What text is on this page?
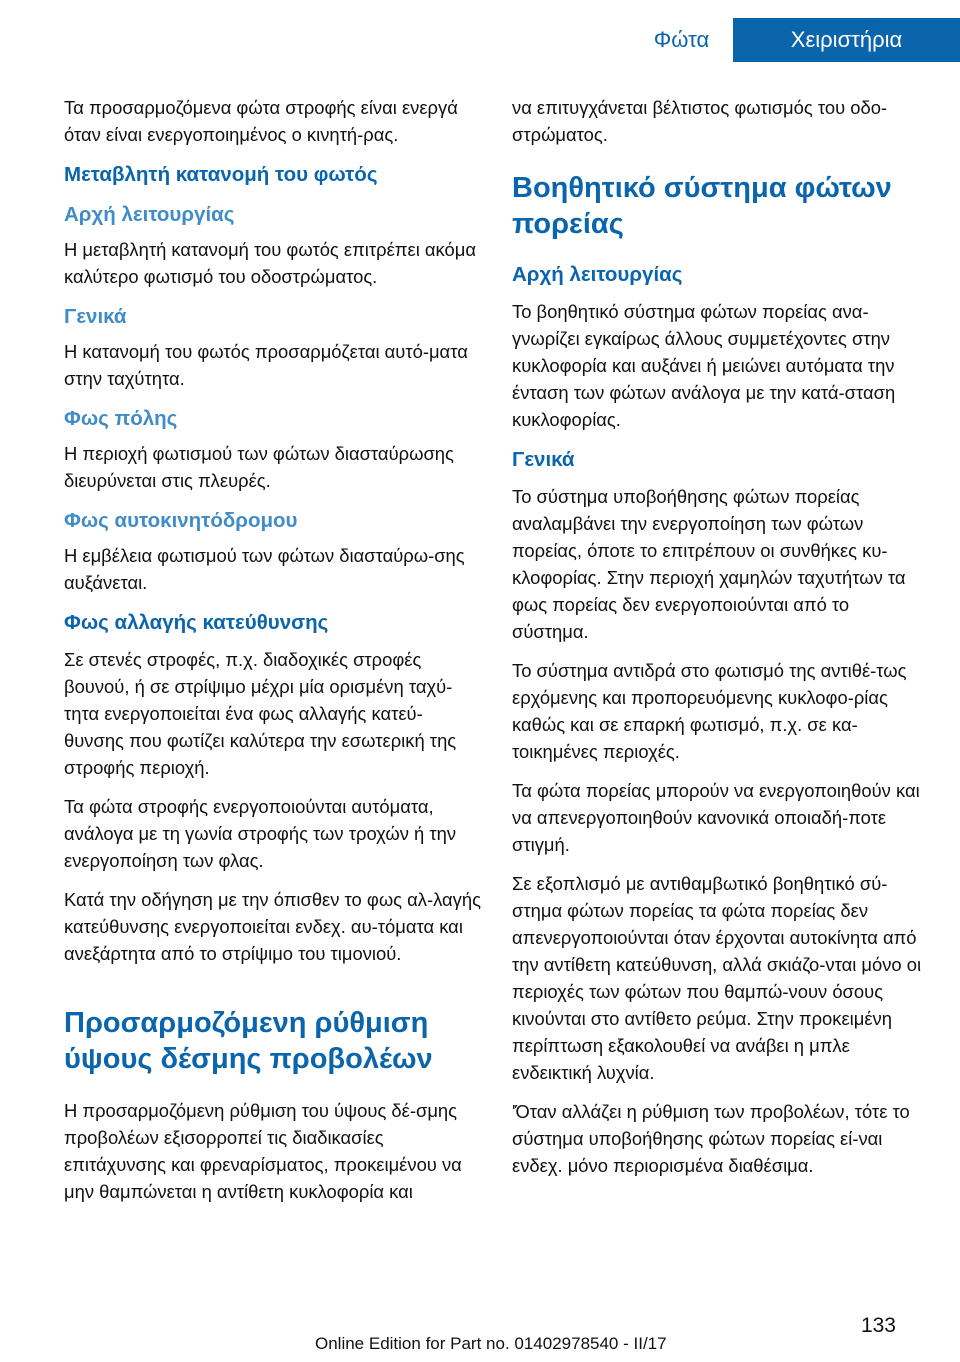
Φώτα	Χειριστήρια

Τα προσαρμοζόμενα φώτα στροφής είναι ενεργά όταν είναι ενεργοποιημένος ο κινητή-ρας.

Μεταβλητή κατανομή του φωτός
Αρχή λειτουργίας

Η μεταβλητή κατανομή του φωτός επιτρέπει ακόμα καλύτερο φωτισμό του οδοστρώματος.

Γενικά

Η κατανομή του φωτός προσαρμόζεται αυτό-ματα στην ταχύτητα.

Φως πόλης

Η περιοχή φωτισμού των φώτων διασταύρωσης διευρύνεται στις πλευρές.

Φως αυτοκινητόδρομου

Η εμβέλεια φωτισμού των φώτων διασταύρω-σης αυξάνεται.

Φως αλλαγής κατεύθυνσης

Σε στενές στροφές, π.χ. διαδοχικές στροφές βουνού, ή σε στρίψιμο μέχρι μία ορισμένη ταχύ-τητα ενεργοποιείται ένα φως αλλαγής κατεύ-θυνσης που φωτίζει καλύτερα την εσωτερική της στροφής περιοχή.

Τα φώτα στροφής ενεργοποιούνται αυτόματα, ανάλογα με τη γωνία στροφής των τροχών ή την ενεργοποίηση των φλας.

Κατά την οδήγηση με την όπισθεν το φως αλ-λαγής κατεύθυνσης ενεργοποιείται ενδεχ. αυ-τόματα και ανεξάρτητα από το στρίψιμο του τιμονιού.

Προσαρμοζόμενη ρύθμιση ύψους δέσμης προβολέων

Η προσαρμοζόμενη ρύθμιση του ύψους δέ-σμης προβολέων εξισορροπεί τις διαδικασίες επιτάχυνσης και φρεναρίσματος, προκειμένου να μην θαμπώνεται η αντίθετη κυκλοφορία και

να επιτυγχάνεται βέλτιστος φωτισμός του οδο-στρώματος.

Βοηθητικό σύστημα φώτων πορείας
Αρχή λειτουργίας

Το βοηθητικό σύστημα φώτων πορείας ανα-γνωρίζει εγκαίρως άλλους συμμετέχοντες στην κυκλοφορία και αυξάνει ή μειώνει αυτόματα την ένταση των φώτων ανάλογα με την κατά-σταση κυκλοφορίας.

Γενικά

Το σύστημα υποβοήθησης φώτων πορείας αναλαμβάνει την ενεργοποίηση των φώτων πορείας, όποτε το επιτρέπουν οι συνθήκες κυ-κλοφορίας. Στην περιοχή χαμηλών ταχυτήτων τα φως πορείας δεν ενεργοποιούνται από το σύστημα.

Το σύστημα αντιδρά στο φωτισμό της αντιθέ-τως ερχόμενης και προπορευόμενης κυκλοφο-ρίας καθώς και σε επαρκή φωτισμό, π.χ. σε κα-τοικημένες περιοχές.

Τα φώτα πορείας μπορούν να ενεργοποιηθούν και να απενεργοποιηθούν κανονικά οποιαδή-ποτε στιγμή.

Σε εξοπλισμό με αντιθαμβωτικό βοηθητικό σύ-στημα φώτων πορείας τα φώτα πορείας δεν απενεργοποιούνται όταν έρχονται αυτοκίνητα από την αντίθετη κατεύθυνση, αλλά σκιάζο-νται μόνο οι περιοχές των φώτων που θαμπώ-νουν όσους κινούνται στο αντίθετο ρεύμα. Στην προκειμένη περίπτωση εξακολουθεί να ανάβει η μπλε ενδεικτική λυχνία.

'Όταν αλλάζει η ρύθμιση των προβολέων, τότε το σύστημα υποβοήθησης φώτων πορείας εί-ναι ενδεχ. μόνο περιορισμένα διαθέσιμα.

133
Online Edition for Part no. 01402978540 - II/17
